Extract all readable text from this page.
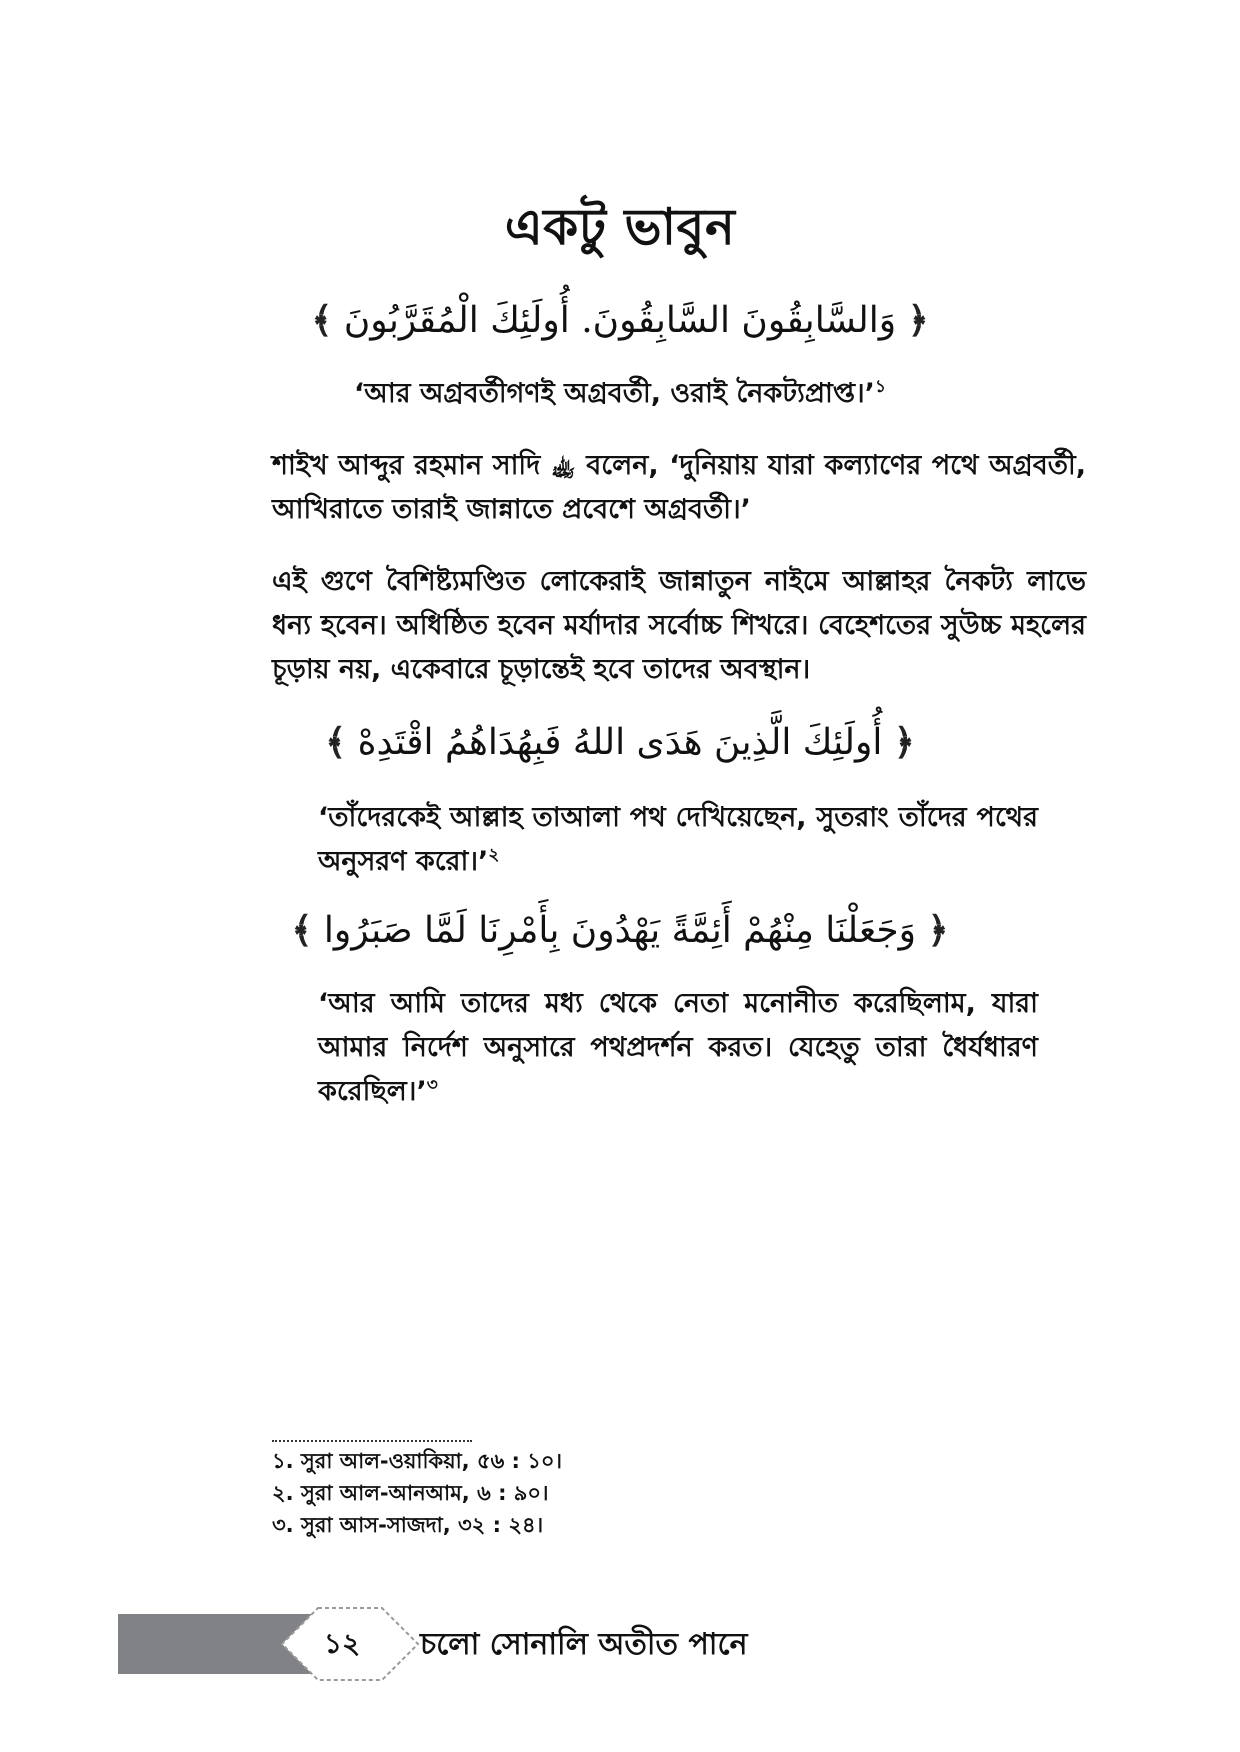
একটু ভাবুন
﴿ وَالسَّابِقُونَ السَّابِقُونَ. أُولَئِكَ الْمُقَرَّبُونَ ﴾
‘আর অগ্রবর্তীগণই অগ্রবর্তী, ওরাই নৈকট্যপ্রাপ্ত।’$^১$
শাইখ আব্দুর রহমান সাদি ﵀ বলেন, ‘দুনিয়ায় যারা কল্যাণের পথে অগ্রবর্তী, আখিরাতে তারাই জান্নাতে প্রবেশে অগ্রবর্তী।’
এই গুণে বৈশিষ্ট্যমণ্ডিত লোকেরাই জান্নাতুন নাইমে আল্লাহর নৈকট্য লাভে ধন্য হবেন। অধিষ্ঠিত হবেন মর্যাদার সর্বোচ্চ শিখরে। বেহেশতের সুউচ্চ মহলের চূড়ায় নয়, একেবারে চূড়ান্তেই হবে তাদের অবস্থান।
﴿ أُولَئِكَ الَّذِينَ هَدَى اللهُ فَبِهُدَاهُمُ اقْتَدِهْ ﴾
‘তাঁদেরকেই আল্লাহ তাআলা পথ দেখিয়েছেন, সুতরাং তাঁদের পথের অনুসরণ করো।’$^২$
﴿ وَجَعَلْنَا مِنْهُمْ أَئِمَّةً يَهْدُونَ بِأَمْرِنَا لَمَّا صَبَرُوا ﴾
‘আর আমি তাদের মধ্য থেকে নেতা মনোনীত করেছিলাম, যারা আমার নির্দেশ অনুসারে পথপ্রদর্শন করত। যেহেতু তারা ধৈর্যধারণ করেছিল।’$^৩$
১. সুরা আল-ওয়াকিয়া, ৫৬ : ১০।
২. সুরা আল-আনআম, ৬ : ৯০।
৩. সুরা আস-সাজদা, ৩২ : ২৪।
১২	চলো সোনালি অতীত পানে
